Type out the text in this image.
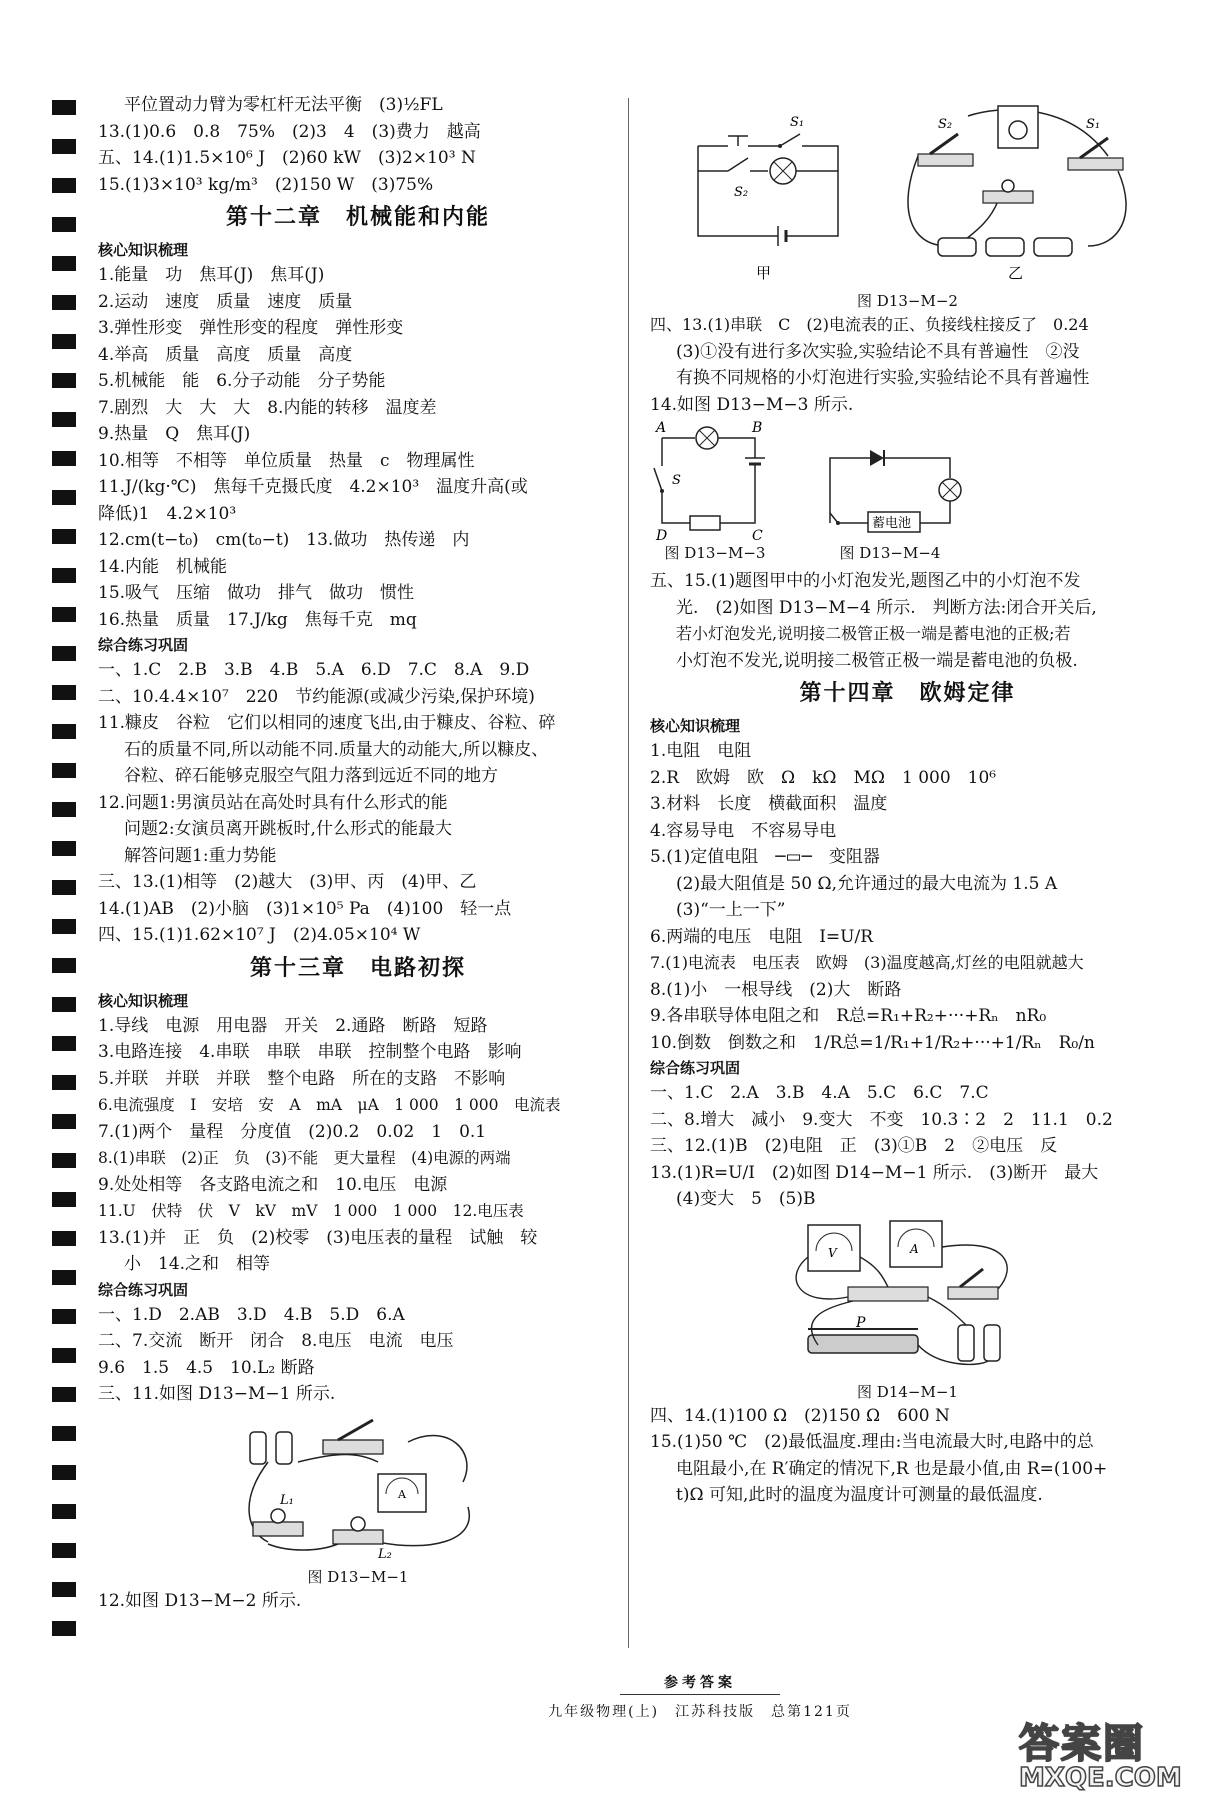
平位置动力臂为零杠杆无法平衡　(3)½FL
13.(1)0.6　0.8　75%　(2)3　4　(3)费力　越高
五、14.(1)1.5×10⁶ J　(2)60 kW　(3)2×10³ N
15.(1)3×10³ kg/m³　(2)150 W　(3)75%
第十二章　机械能和内能
核心知识梳理
1.能量　功　焦耳(J)　焦耳(J)
2.运动　速度　质量　速度　质量
3.弹性形变　弹性形变的程度　弹性形变
4.举高　质量　高度　质量　高度
5.机械能　能　6.分子动能　分子势能
7.剧烈　大　大　大　8.内能的转移　温度差
9.热量　Q　焦耳(J)
10.相等　不相等　单位质量　热量　c　物理属性
11.J/(kg·℃)　焦每千克摄氏度　4.2×10³　温度升高(或
降低)1　4.2×10³
12.cm(t−t₀)　cm(t₀−t)　13.做功　热传递　内
14.内能　机械能
15.吸气　压缩　做功　排气　做功　惯性
16.热量　质量　17.J/kg　焦每千克　mq
综合练习巩固
一、1.C　2.B　3.B　4.B　5.A　6.D　7.C　8.A　9.D
二、10.4.4×10⁷　220　节约能源(或减少污染,保护环境)
11.糠皮　谷粒　它们以相同的速度飞出,由于糠皮、谷粒、碎
石的质量不同,所以动能不同.质量大的动能大,所以糠皮、
谷粒、碎石能够克服空气阻力落到远近不同的地方
12.问题1:男演员站在高处时具有什么形式的能
问题2:女演员离开跳板时,什么形式的能最大
解答问题1:重力势能
三、13.(1)相等　(2)越大　(3)甲、丙　(4)甲、乙
14.(1)AB　(2)小脑　(3)1×10⁵ Pa　(4)100　轻一点
四、15.(1)1.62×10⁷ J　(2)4.05×10⁴ W
第十三章　电路初探
核心知识梳理
1.导线　电源　用电器　开关　2.通路　断路　短路
3.电路连接　4.串联　串联　串联　控制整个电路　影响
5.并联　并联　并联　整个电路　所在的支路　不影响
6.电流强度　I　安培　安　A　mA　μA　1 000　1 000　电流表
7.(1)两个　量程　分度值　(2)0.2　0.02　1　0.1
8.(1)串联　(2)正　负　(3)不能　更大量程　(4)电源的两端
9.处处相等　各支路电流之和　10.电压　电源
11.U　伏特　伏　V　kV　mV　1 000　1 000　12.电压表
13.(1)并　正　负　(2)校零　(3)电压表的量程　试触　较
小　14.之和　相等
综合练习巩固
一、1.D　2.AB　3.D　4.B　5.D　6.A
二、7.交流　断开　闭合　8.电压　电流　电压
9.6　1.5　4.5　10.L₂ 断路
三、11.如图 D13−M−1 所示.
A
L₁
L₂
图 D13−M−1
12.如图 D13−M−2 所示.
S₁
S₂
甲
S₂	S₁
乙
图 D13−M−2
四、13.(1)串联　C　(2)电流表的正、负接线柱接反了　0.24
(3)①没有进行多次实验,实验结论不具有普遍性　②没
有换不同规格的小灯泡进行实验,实验结论不具有普遍性
14.如图 D13−M−3 所示.
A	B
D	C
S
蓄电池
图 D13−M−3	图 D13−M−4
五、15.(1)题图甲中的小灯泡发光,题图乙中的小灯泡不发
光.　(2)如图 D13−M−4 所示.　判断方法:闭合开关后,
若小灯泡发光,说明接二极管正极一端是蓄电池的正极;若
小灯泡不发光,说明接二极管正极一端是蓄电池的负极.
第十四章　欧姆定律
核心知识梳理
1.电阻　电阻
2.R　欧姆　欧　Ω　kΩ　MΩ　1 000　10⁶
3.材料　长度　横截面积　温度
4.容易导电　不容易导电
5.(1)定值电阻　─▭─　变阻器
(2)最大阻值是 50 Ω,允许通过的最大电流为 1.5 A
(3)“一上一下”
6.两端的电压　电阻　I=U/R
7.(1)电流表　电压表　欧姆　(3)温度越高,灯丝的电阻就越大
8.(1)小　一根导线　(2)大　断路
9.各串联导体电阻之和　R总=R₁+R₂+···+Rₙ　nR₀
10.倒数　倒数之和　1/R总=1/R₁+1/R₂+···+1/Rₙ　R₀/n
综合练习巩固
一、1.C　2.A　3.B　4.A　5.C　6.C　7.C
二、8.增大　减小　9.变大　不变　10.3∶2　2　11.1　0.2
三、12.(1)B　(2)电阻　正　(3)①B　2　②电压　反
13.(1)R=U/I　(2)如图 D14−M−1 所示.　(3)断开　最大
(4)变大　5　(5)B
V	A
P
图 D14−M−1
四、14.(1)100 Ω　(2)150 Ω　600 N
15.(1)50 ℃　(2)最低温度.理由:当电流最大时,电路中的总
电阻最小,在 R′确定的情况下,R 也是最小值,由 R=(100+
t)Ω 可知,此时的温度为温度计可测量的最低温度.
参考答案
九年级物理(上)　江苏科技版　总第121页
答案圈
MXQE.COM
